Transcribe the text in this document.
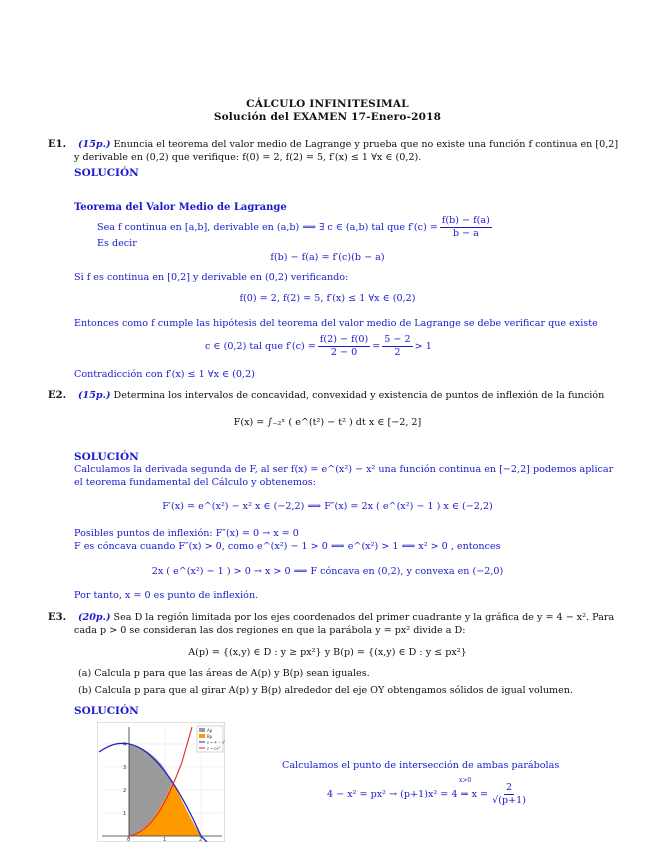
CÁLCULO INFINITESIMAL
Solución del EXAMEN 17-Enero-2018
E1. (15p.) Enuncia el teorema del valor medio de Lagrange y prueba que no existe una función f continua en [0,2]
y derivable en (0,2) que verifique: f(0) = 2, f(2) = 5, f′(x) ≤ 1 ∀x ∈ (0,2).
SOLUCIÓN
Teorema del Valor Medio de Lagrange
Sea f continua en [a,b], derivable en (a,b) ⟹ ∃ c ∈ (a,b) tal que $f'(c) = \frac{f(b) - f(a)}{b - a}$
Es decir
f(b) − f(a) = f′(c)(b − a)
Si f es continua en [0,2] y derivable en (0,2) verificando:
f(0) = 2, f(2) = 5, f′(x) ≤ 1 ∀x ∈ (0,2)
Entonces como f cumple las hipótesis del teorema del valor medio de Lagrange se debe verificar que existe
c ∈ (0,2) tal que $f'(c) = \frac{f(2) - f(0)}{2 - 0} = \frac{5 - 2}{2} > 1$
Contradicción con f′(x) ≤ 1 ∀x ∈ (0,2)
E2. (15p.) Determina los intervalos de concavidad, convexidad y existencia de puntos de inflexión de la función
F(x) = ∫₋₂ˣ ( e^(t²) − t² ) dt x ∈ [−2, 2]
SOLUCIÓN
Calculamos la derivada segunda de F, al ser f(x) = e^(x²) − x² una función continua en [−2,2] podemos aplicar
el teorema fundamental del Cálculo y obtenemos:
F′(x) = e^(x²) − x² x ∈ (−2,2) ⟹ F″(x) = 2x ( e^(x²) − 1 ) x ∈ (−2,2)
Posibles puntos de inflexión: F″(x) = 0 → x = 0
F es cóncava cuando F″(x) > 0, como e^(x²) − 1 > 0 ⟺ e^(x²) > 1 ⟺ x² > 0 , entonces
2x ( e^(x²) − 1 ) > 0 → x > 0 ⟹ F cóncava en (0,2), y convexa en (−2,0)
Por tanto, x = 0 es punto de inflexión.
E3. (20p.) Sea D la región limitada por los ejes coordenados del primer cuadrante y la gráfica de y = 4 − x². Para
cada p > 0 se consideran las dos regiones en que la parábola y = px² divide a D:
A(p) = {(x,y) ∈ D : y ≥ px²} y B(p) = {(x,y) ∈ D : y ≤ px²}
(a) Calcula p para que las áreas de A(p) y B(p) sean iguales.
(b) Calcula p para que al girar A(p) y B(p) alrededor del eje OY obtengamos sólidos de igual volumen.
SOLUCIÓN
4
3
2
1
0	1	2
Ap
Bp
y = 4 − x²
y = px²
Calculamos el punto de intersección de ambas parábolas
4 − x² = px² → (p+1)x² = 4 ⇒ $x = \frac{2}{√(p+1)}$
x>0
